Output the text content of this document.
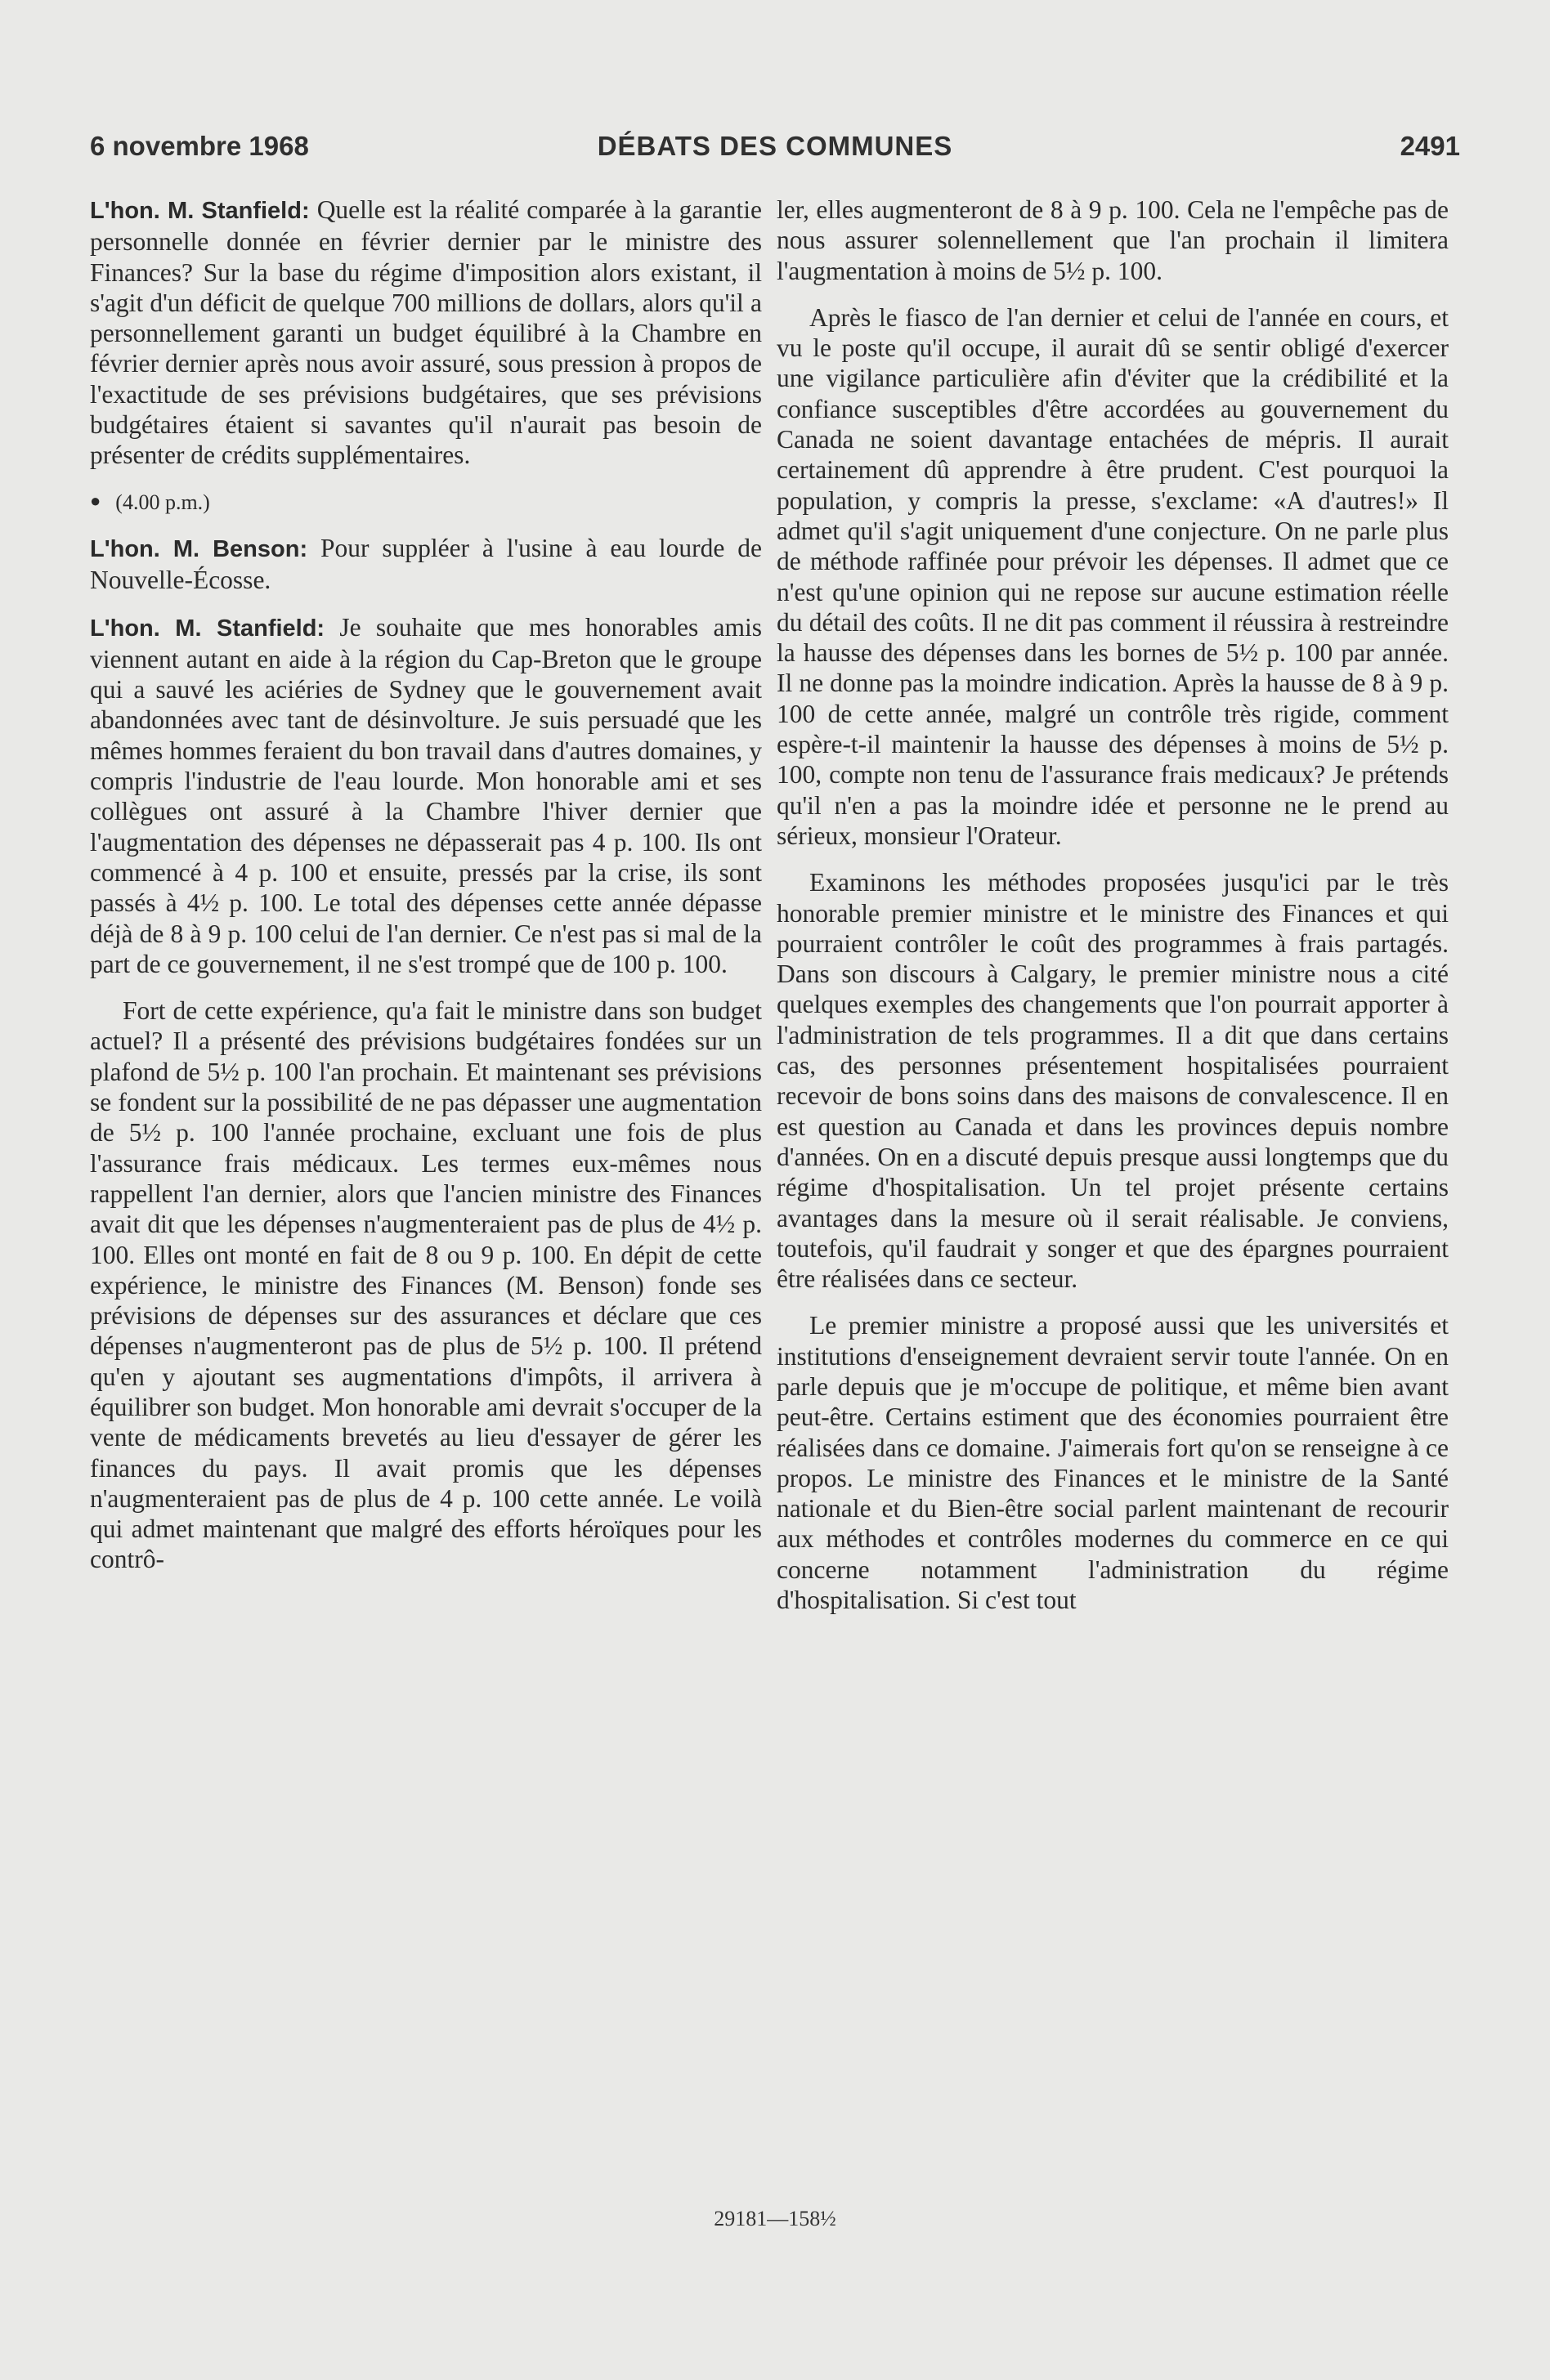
6 novembre 1968	DÉBATS DES COMMUNES	2491

L'hon. M. Stanfield: Quelle est la réalité comparée à la garantie personnelle donnée en février dernier par le ministre des Finances? Sur la base du régime d'imposition alors existant, il s'agit d'un déficit de quelque 700 millions de dollars, alors qu'il a personnellement garanti un budget équilibré à la Chambre en février dernier après nous avoir assuré, sous pression à propos de l'exactitude de ses prévisions budgétaires, que ses prévisions budgétaires étaient si savantes qu'il n'aurait pas besoin de présenter de crédits supplémentaires.

● (4.00 p.m.)

L'hon. M. Benson: Pour suppléer à l'usine à eau lourde de Nouvelle-Écosse.

L'hon. M. Stanfield: Je souhaite que mes honorables amis viennent autant en aide à la région du Cap-Breton que le groupe qui a sauvé les aciéries de Sydney que le gouvernement avait abandonnées avec tant de désinvolture. Je suis persuadé que les mêmes hommes feraient du bon travail dans d'autres domaines, y compris l'industrie de l'eau lourde. Mon honorable ami et ses collègues ont assuré à la Chambre l'hiver dernier que l'augmentation des dépenses ne dépasserait pas 4 p. 100. Ils ont commencé à 4 p. 100 et ensuite, pressés par la crise, ils sont passés à 4½ p. 100. Le total des dépenses cette année dépasse déjà de 8 à 9 p. 100 celui de l'an dernier. Ce n'est pas si mal de la part de ce gouvernement, il ne s'est trompé que de 100 p. 100.

Fort de cette expérience, qu'a fait le ministre dans son budget actuel? Il a présenté des prévisions budgétaires fondées sur un plafond de 5½ p. 100 l'an prochain. Et maintenant ses prévisions se fondent sur la possibilité de ne pas dépasser une augmentation de 5½ p. 100 l'année prochaine, excluant une fois de plus l'assurance frais médicaux. Les termes eux-mêmes nous rappellent l'an dernier, alors que l'ancien ministre des Finances avait dit que les dépenses n'augmenteraient pas de plus de 4½ p. 100. Elles ont monté en fait de 8 ou 9 p. 100. En dépit de cette expérience, le ministre des Finances (M. Benson) fonde ses prévisions de dépenses sur des assurances et déclare que ces dépenses n'augmenteront pas de plus de 5½ p. 100. Il prétend qu'en y ajoutant ses augmentations d'impôts, il arrivera à équilibrer son budget. Mon honorable ami devrait s'occuper de la vente de médicaments brevetés au lieu d'essayer de gérer les finances du pays. Il avait promis que les dépenses n'augmenteraient pas de plus de 4 p. 100 cette année. Le voilà qui admet maintenant que malgré des efforts héroïques pour les contrô-

ler, elles augmenteront de 8 à 9 p. 100. Cela ne l'empêche pas de nous assurer solennellement que l'an prochain il limitera l'augmentation à moins de 5½ p. 100.

Après le fiasco de l'an dernier et celui de l'année en cours, et vu le poste qu'il occupe, il aurait dû se sentir obligé d'exercer une vigilance particulière afin d'éviter que la crédibilité et la confiance susceptibles d'être accordées au gouvernement du Canada ne soient davantage entachées de mépris. Il aurait certainement dû apprendre à être prudent. C'est pourquoi la population, y compris la presse, s'exclame: «A d'autres!» Il admet qu'il s'agit uniquement d'une conjecture. On ne parle plus de méthode raffinée pour prévoir les dépenses. Il admet que ce n'est qu'une opinion qui ne repose sur aucune estimation réelle du détail des coûts. Il ne dit pas comment il réussira à restreindre la hausse des dépenses dans les bornes de 5½ p. 100 par année. Il ne donne pas la moindre indication. Après la hausse de 8 à 9 p. 100 de cette année, malgré un contrôle très rigide, comment espère-t-il maintenir la hausse des dépenses à moins de 5½ p. 100, compte non tenu de l'assurance frais medicaux? Je prétends qu'il n'en a pas la moindre idée et personne ne le prend au sérieux, monsieur l'Orateur.

Examinons les méthodes proposées jusqu'ici par le très honorable premier ministre et le ministre des Finances et qui pourraient contrôler le coût des programmes à frais partagés. Dans son discours à Calgary, le premier ministre nous a cité quelques exemples des changements que l'on pourrait apporter à l'administration de tels programmes. Il a dit que dans certains cas, des personnes présentement hospitalisées pourraient recevoir de bons soins dans des maisons de convalescence. Il en est question au Canada et dans les provinces depuis nombre d'années. On en a discuté depuis presque aussi longtemps que du régime d'hospitalisation. Un tel projet présente certains avantages dans la mesure où il serait réalisable. Je conviens, toutefois, qu'il faudrait y songer et que des épargnes pourraient être réalisées dans ce secteur.

Le premier ministre a proposé aussi que les universités et institutions d'enseignement devraient servir toute l'année. On en parle depuis que je m'occupe de politique, et même bien avant peut-être. Certains estiment que des économies pourraient être réalisées dans ce domaine. J'aimerais fort qu'on se renseigne à ce propos. Le ministre des Finances et le ministre de la Santé nationale et du Bien-être social parlent maintenant de recourir aux méthodes et contrôles modernes du commerce en ce qui concerne notamment l'administration du régime d'hospitalisation. Si c'est tout

29181—158½
